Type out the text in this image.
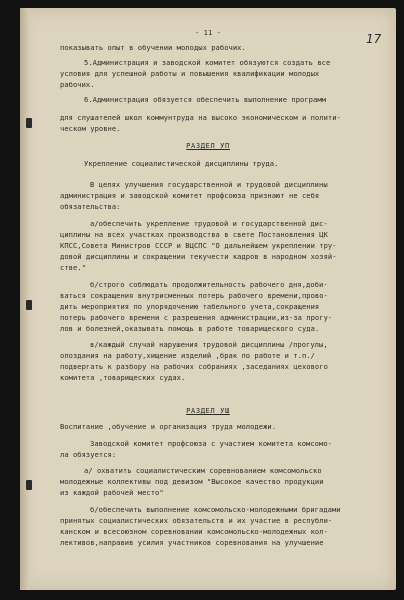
- 11 -	17
показывать опыт в обучении молодых рабочих.
5.Администрация и заводской комитет обязуются создать все
условия для успешной работы и повышения квалификации молодых
рабочих.
6.Администрация обязуется обеспечить выполнение программ
для слушателей школ коммунтруда на высоко экономическом и полити-
ческом уровне.
РАЗДЕЛ УП
Укрепление социалистической дисциплины труда.
В целях улучшения государственной и трудовой дисциплины
администрация и заводской комитет профсоюза признают не себя
обязательства:
а/обеспечить укрепление трудовой и государственной дис-
циплины на всех участках производства в свете Постановления ЦК
КПСС,Совета Министров СССР и ВЦСПС "О дальнейшем укреплении тру-
довой дисциплины и сокращении текучести кадров в народном хозяй-
стве."
б/строго соблюдать продолжительность рабочего дня,доби-
ваться сокращения внутрисменных потерь рабочего времени,прово-
дить мероприятия по упорядочению табельного учета,сокращения
потерь рабочего времени с разрешения администрации,из-за прогу-
лов и болезней,оказывать помощь в работе товарищеского суда.
в/каждый случай нарушения трудовой дисциплины /прогулы,
опоздания на работу,хищение изделий ,брак по работе и т.п./
подвергать к разбору на рабочих собраниях ,заседаниях цехового
комитета ,товарищеских судах.
РАЗДЕЛ УШ
Воспитание ,обучение и организация труда молодежи.
Заводской комитет профсоюза с участием комитета комсомо-
ла обязуется:
а/ охватить социалистическим соревнованием комсомольско
молодежные коллективы под девизом "Высокое качество продукции
из каждой рабочей место"
б/обеспечить выполнение комсомольско-молодежными бригадами
принятых социалистических обязательств и их участие в республи-
канском и всесоюзном соревновании комсомольско-молодежных кол-
лективов,направив усилия участников соревнования на улучшение
